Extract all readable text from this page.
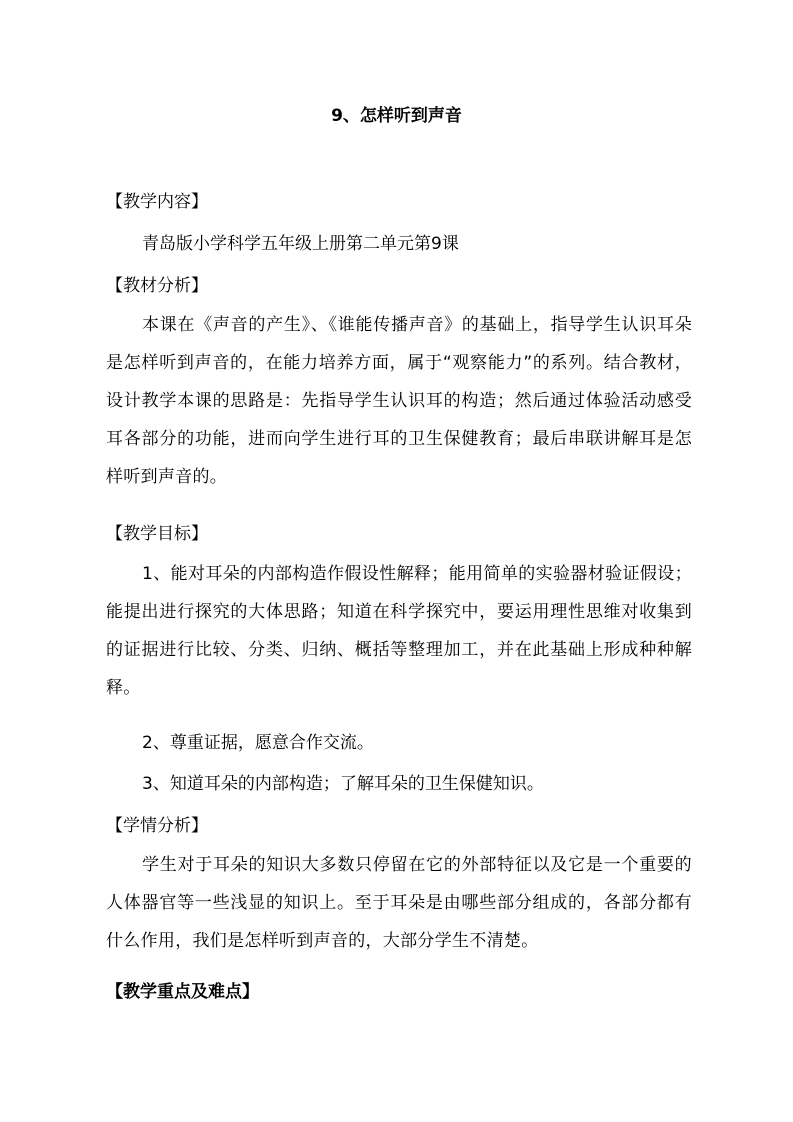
9、怎样听到声音
【教学内容】
青岛版小学科学五年级上册第二单元第9课
【教材分析】

本课在《声音的产生》、《谁能传播声音》的基础上，指导学生认识耳朵是怎样听到声音的，在能力培养方面，属于“观察能力”的系列。结合教材，设计教学本课的思路是：先指导学生认识耳的构造；然后通过体验活动感受耳各部分的功能，进而向学生进行耳的卫生保健教育；最后串联讲解耳是怎样听到声音的。

【教学目标】

1、能对耳朵的内部构造作假设性解释；能用简单的实验器材验证假设；能提出进行探究的大体思路；知道在科学探究中，要运用理性思维对收集到的证据进行比较、分类、归纳、概括等整理加工，并在此基础上形成种种解释。

2、尊重证据，愿意合作交流。
3、知道耳朵的内部构造；了解耳朵的卫生保健知识。
【学情分析】

学生对于耳朵的知识大多数只停留在它的外部特征以及它是一个重要的人体器官等一些浅显的知识上。至于耳朵是由哪些部分组成的，各部分都有什么作用，我们是怎样听到声音的，大部分学生不清楚。

【教学重点及难点】
